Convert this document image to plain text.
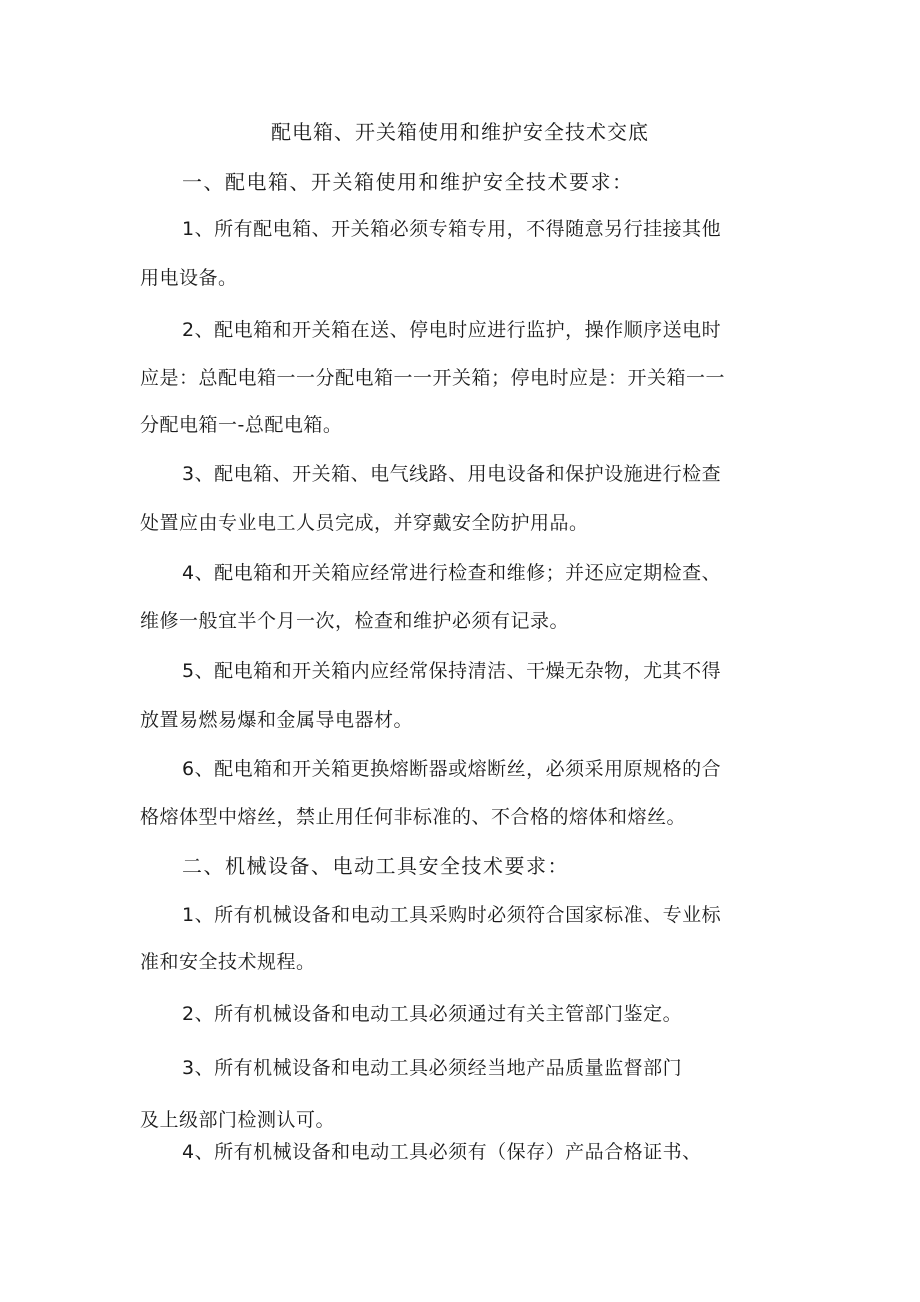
配电箱、开关箱使用和维护安全技术交底
一、配电箱、开关箱使用和维护安全技术要求：
1、所有配电箱、开关箱必须专箱专用，不得随意另行挂接其他
用电设备。
2、配电箱和开关箱在送、停电时应进行监护，操作顺序送电时
应是：总配电箱一一分配电箱一一开关箱；停电时应是：开关箱一一
分配电箱一-总配电箱。
3、配电箱、开关箱、电气线路、用电设备和保护设施进行检查
处置应由专业电工人员完成，并穿戴安全防护用品。
4、配电箱和开关箱应经常进行检查和维修；并还应定期检查、
维修一般宜半个月一次，检查和维护必须有记录。
5、配电箱和开关箱内应经常保持清洁、干燥无杂物，尤其不得
放置易燃易爆和金属导电器材。
6、配电箱和开关箱更换熔断器或熔断丝，必须采用原规格的合
格熔体型中熔丝，禁止用任何非标准的、不合格的熔体和熔丝。
二、机械设备、电动工具安全技术要求：
1、所有机械设备和电动工具采购时必须符合国家标准、专业标
准和安全技术规程。
2、所有机械设备和电动工具必须通过有关主管部门鉴定。
3、所有机械设备和电动工具必须经当地产品质量监督部门
及上级部门检测认可。
4、所有机械设备和电动工具必须有（保存）产品合格证书、
